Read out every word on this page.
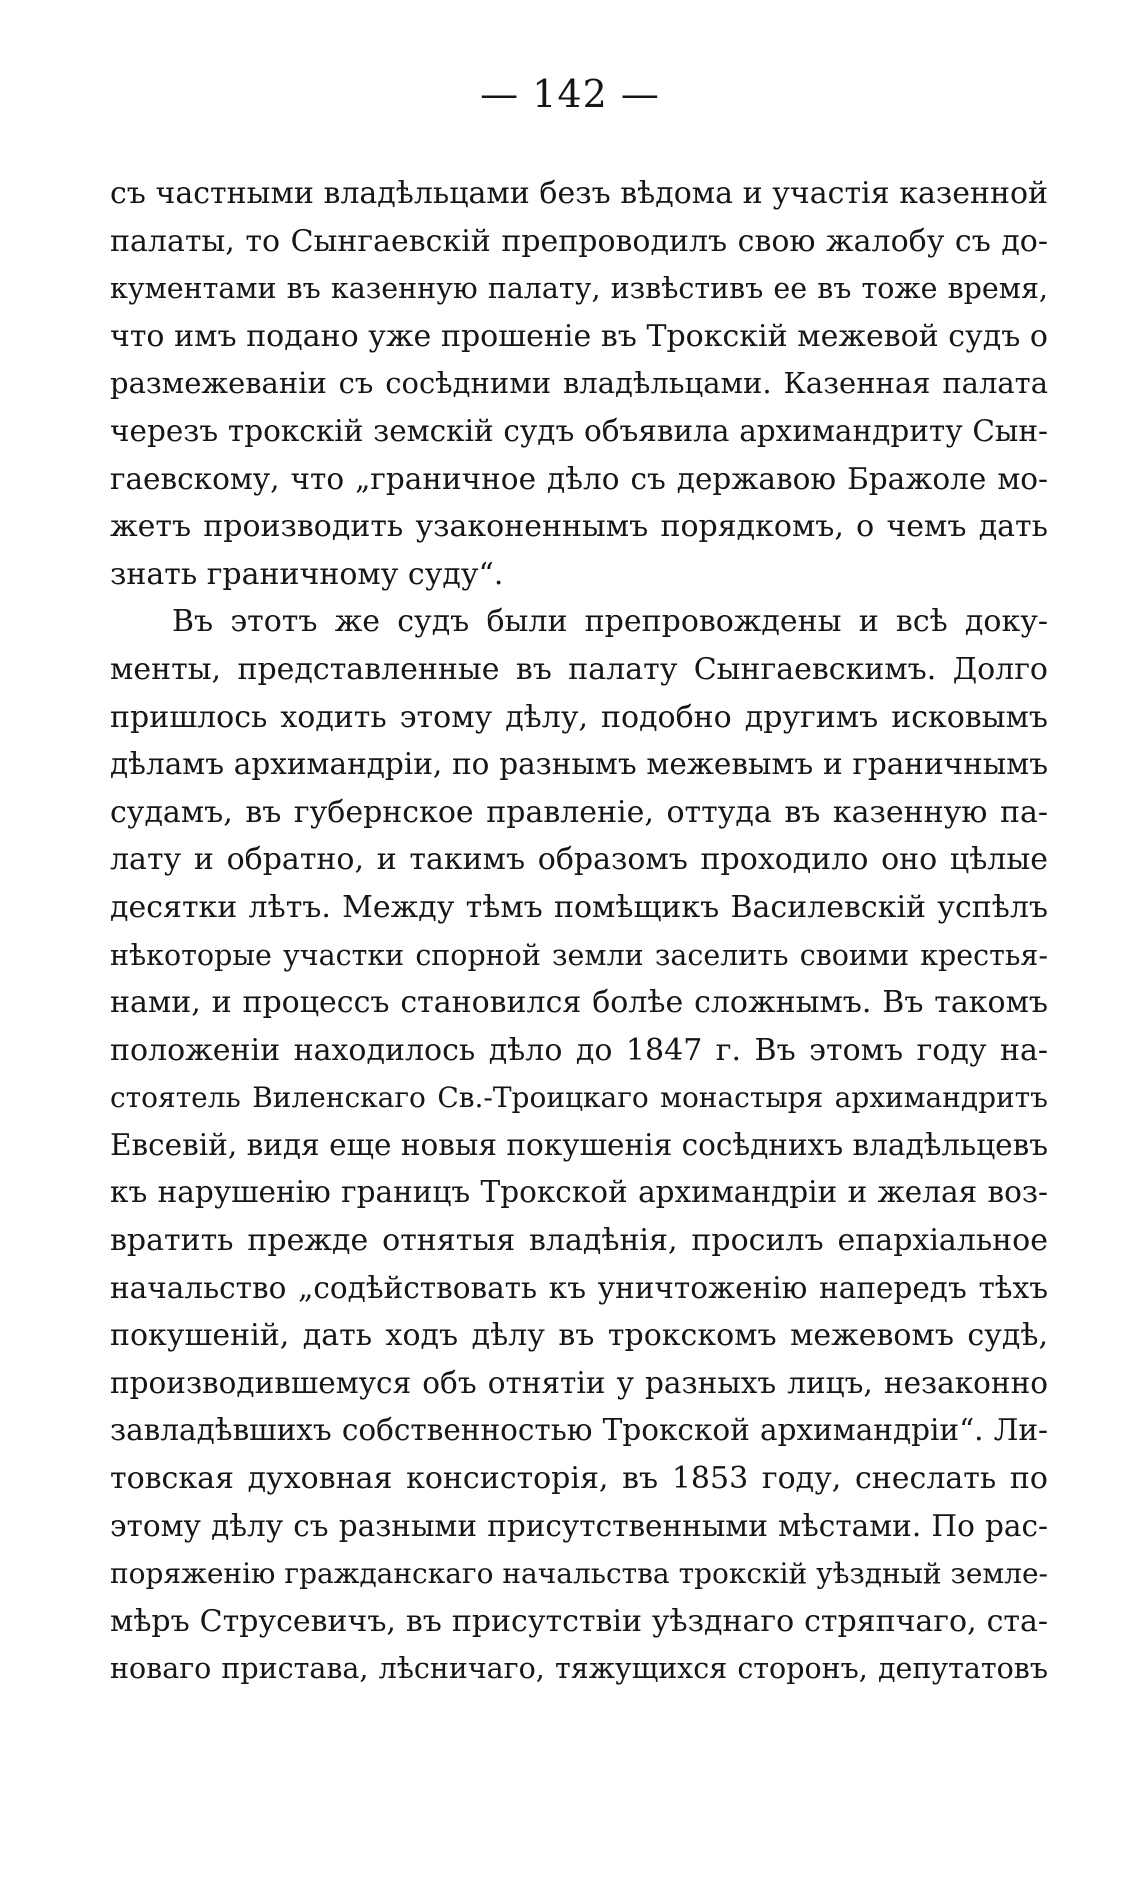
— 142 —
съ частными владѣльцами безъ вѣдома и участія казенной
палаты, то Сынгаевскій препроводилъ свою жалобу съ до-
кументами въ казенную палату, извѣстивъ ее въ тоже время,
что имъ подано уже прошеніе въ Трокскій межевой судъ о
размежеваніи съ сосѣдними владѣльцами. Казенная палата
черезъ трокскій земскій судъ объявила архимандриту Сын-
гаевскому, что „граничное дѣло съ державою Бражоле мо-
жетъ производить узаконеннымъ порядкомъ, о чемъ дать
знать граничному суду“.
Въ этотъ же судъ были препровождены и всѣ доку-
менты, представленные въ палату Сынгаевскимъ. Долго
пришлось ходить этому дѣлу, подобно другимъ исковымъ
дѣламъ архимандріи, по разнымъ межевымъ и граничнымъ
судамъ, въ губернское правленіе, оттуда въ казенную па-
лату и обратно, и такимъ образомъ проходило оно цѣлые
десятки лѣтъ. Между тѣмъ помѣщикъ Василевскій успѣлъ
нѣкоторые участки спорной земли заселить своими крестья-
нами, и процессъ становился болѣе сложнымъ. Въ такомъ
положеніи находилось дѣло до 1847 г. Въ этомъ году на-
стоятель Виленскаго Св.-Троицкаго монастыря архимандритъ
Евсевій, видя еще новыя покушенія сосѣднихъ владѣльцевъ
къ нарушенію границъ Трокской архимандріи и желая воз-
вратить прежде отнятыя владѣнія, просилъ епархіальное
начальство „содѣйствовать къ уничтоженію напередъ тѣхъ
покушеній, дать ходъ дѣлу въ трокскомъ межевомъ судѣ,
производившемуся объ отнятіи у разныхъ лицъ, незаконно
завладѣвшихъ собственностью Трокской архимандріи“. Ли-
товская духовная консисторія, въ 1853 году, снеслать по
этому дѣлу съ разными присутственными мѣстами. По рас-
поряженію гражданскаго начальства трокскій уѣздный земле-
мѣръ Струсевичъ, въ присутствіи уѣзднаго стряпчаго, ста-
новаго пристава, лѣсничаго, тяжущихся сторонъ, депутатовъ
